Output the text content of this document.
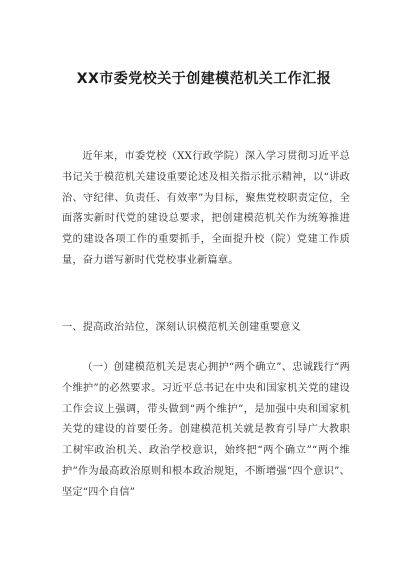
XX市委党校关于创建模范机关工作汇报

近年来，市委党校（XX行政学院）深入学习贯彻习近平总书记关于模范机关建设重要论述及相关指示批示精神，以“讲政治、守纪律、负责任、有效率”为目标，聚焦党校职责定位，全面落实新时代党的建设总要求，把创建模范机关作为统筹推进党的建设各项工作的重要抓手，全面提升校（院）党建工作质量，奋力谱写新时代党校事业新篇章。

一、提高政治站位，深刻认识模范机关创建重要意义

（一）创建模范机关是衷心拥护“两个确立”、忠诚践行“两个维护”的必然要求。习近平总书记在中央和国家机关党的建设工作会议上强调，带头做到“两个维护”，是加强中央和国家机关党的建设的首要任务。创建模范机关就是教育引导广大教职工树牢政治机关、政治学校意识，始终把“两个确立”“两个维护”作为最高政治原则和根本政治规矩，不断增强“四个意识”、坚定“四个自信”
